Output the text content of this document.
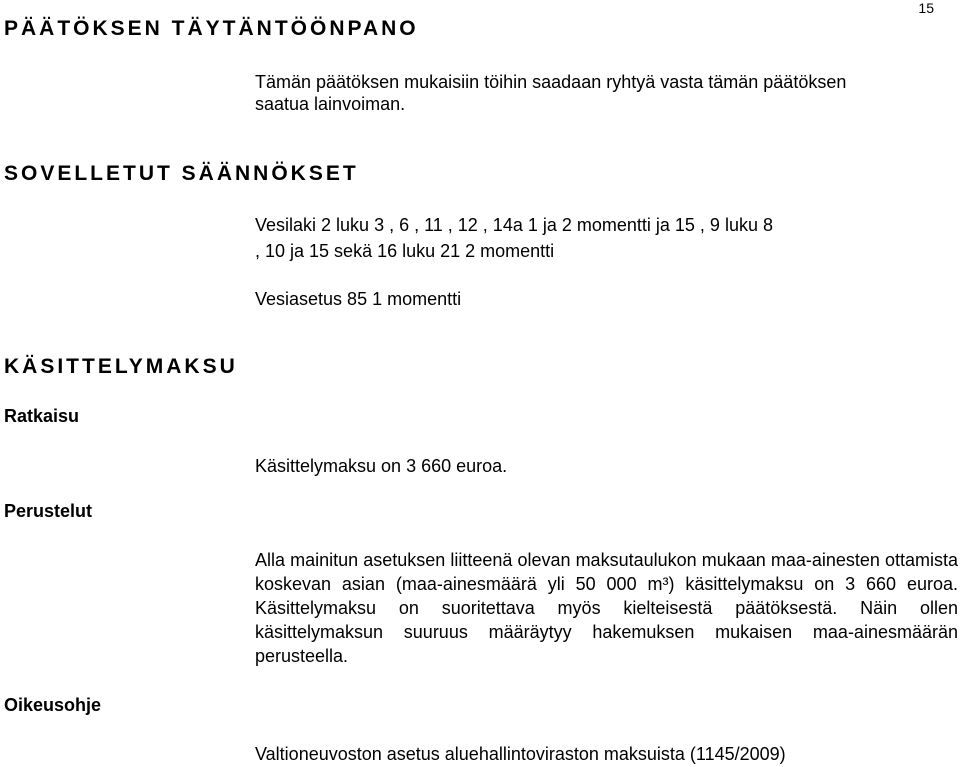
15
PÄÄTÖKSEN TÄYTÄNTÖÖNPANO
Tämän päätöksen mukaisiin töihin saadaan ryhtyä vasta tämän päätöksen
saatua lainvoiman.
SOVELLETUT SÄÄNNÖKSET
Vesilaki 2 luku 3 , 6 , 11 , 12 , 14a 1 ja 2 momentti ja 15 , 9 luku 8
, 10 ja 15 sekä 16 luku 21 2 momentti
Vesiasetus 85 1 momentti
KÄSITTELYMAKSU
Ratkaisu
Käsittelymaksu on 3 660 euroa.
Perustelut
Alla mainitun asetuksen liitteenä olevan maksutaulukon mukaan maa-ainesten ottamista koskevan asian (maa-ainesmäärä yli 50 000 m³) käsittelymaksu on 3 660 euroa. Käsittelymaksu on suoritettava myös kielteisestä päätöksestä. Näin ollen käsittelymaksun suuruus määräytyy hakemuksen mukaisen maa-ainesmäärän perusteella.
Oikeusohje
Valtioneuvoston asetus aluehallintoviraston maksuista (1145/2009)
